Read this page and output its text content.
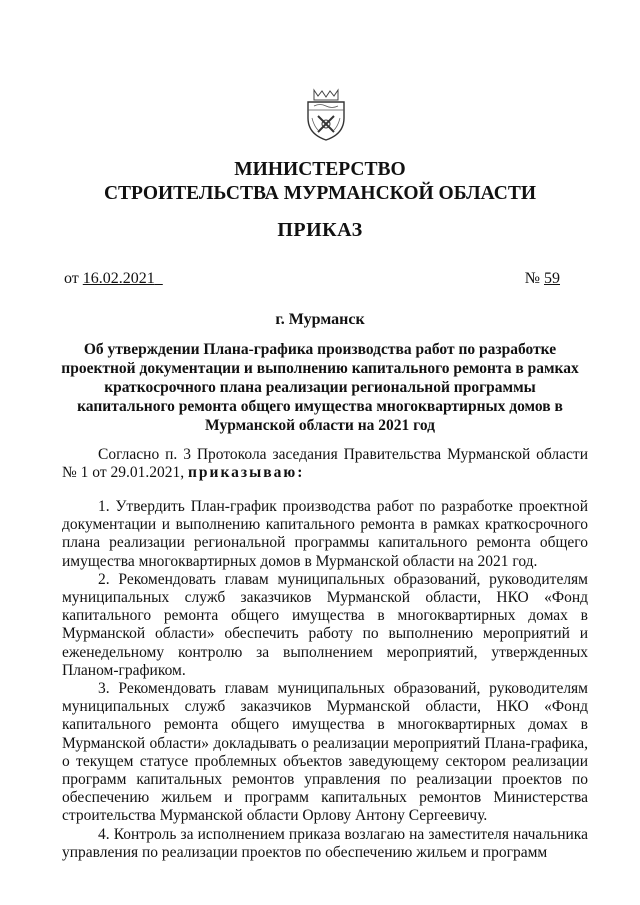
МИНИСТЕРСТВО
СТРОИТЕЛЬСТВА МУРМАНСКОЙ ОБЛАСТИ
ПРИКАЗ
от 16.02.2021	№ 59
г. Мурманск
Об утверждении Плана-графика производства работ по разработке проектной документации и выполнению капитального ремонта в рамках краткосрочного плана реализации региональной программы капитального ремонта общего имущества многоквартирных домов в Мурманской области на 2021 год

Согласно п. 3 Протокола заседания Правительства Мурманской области № 1 от 29.01.2021, приказываю:

1. Утвердить План-график производства работ по разработке проектной документации и выполнению капитального ремонта в рамках краткосрочного плана реализации региональной программы капитального ремонта общего имущества многоквартирных домов в Мурманской области на 2021 год.

2. Рекомендовать главам муниципальных образований, руководителям муниципальных служб заказчиков Мурманской области, НКО «Фонд капитального ремонта общего имущества в многоквартирных домах в Мурманской области» обеспечить работу по выполнению мероприятий и еженедельному контролю за выполнением мероприятий, утвержденных Планом-графиком.

3. Рекомендовать главам муниципальных образований, руководителям муниципальных служб заказчиков Мурманской области, НКО «Фонд капитального ремонта общего имущества в многоквартирных домах в Мурманской области» докладывать о реализации мероприятий Плана-графика, о текущем статусе проблемных объектов заведующему сектором реализации программ капитальных ремонтов управления по реализации проектов по обеспечению жильем и программ капитальных ремонтов Министерства строительства Мурманской области Орлову Антону Сергеевичу.

4. Контроль за исполнением приказа возлагаю на заместителя начальника управления по реализации проектов по обеспечению жильем и программ
